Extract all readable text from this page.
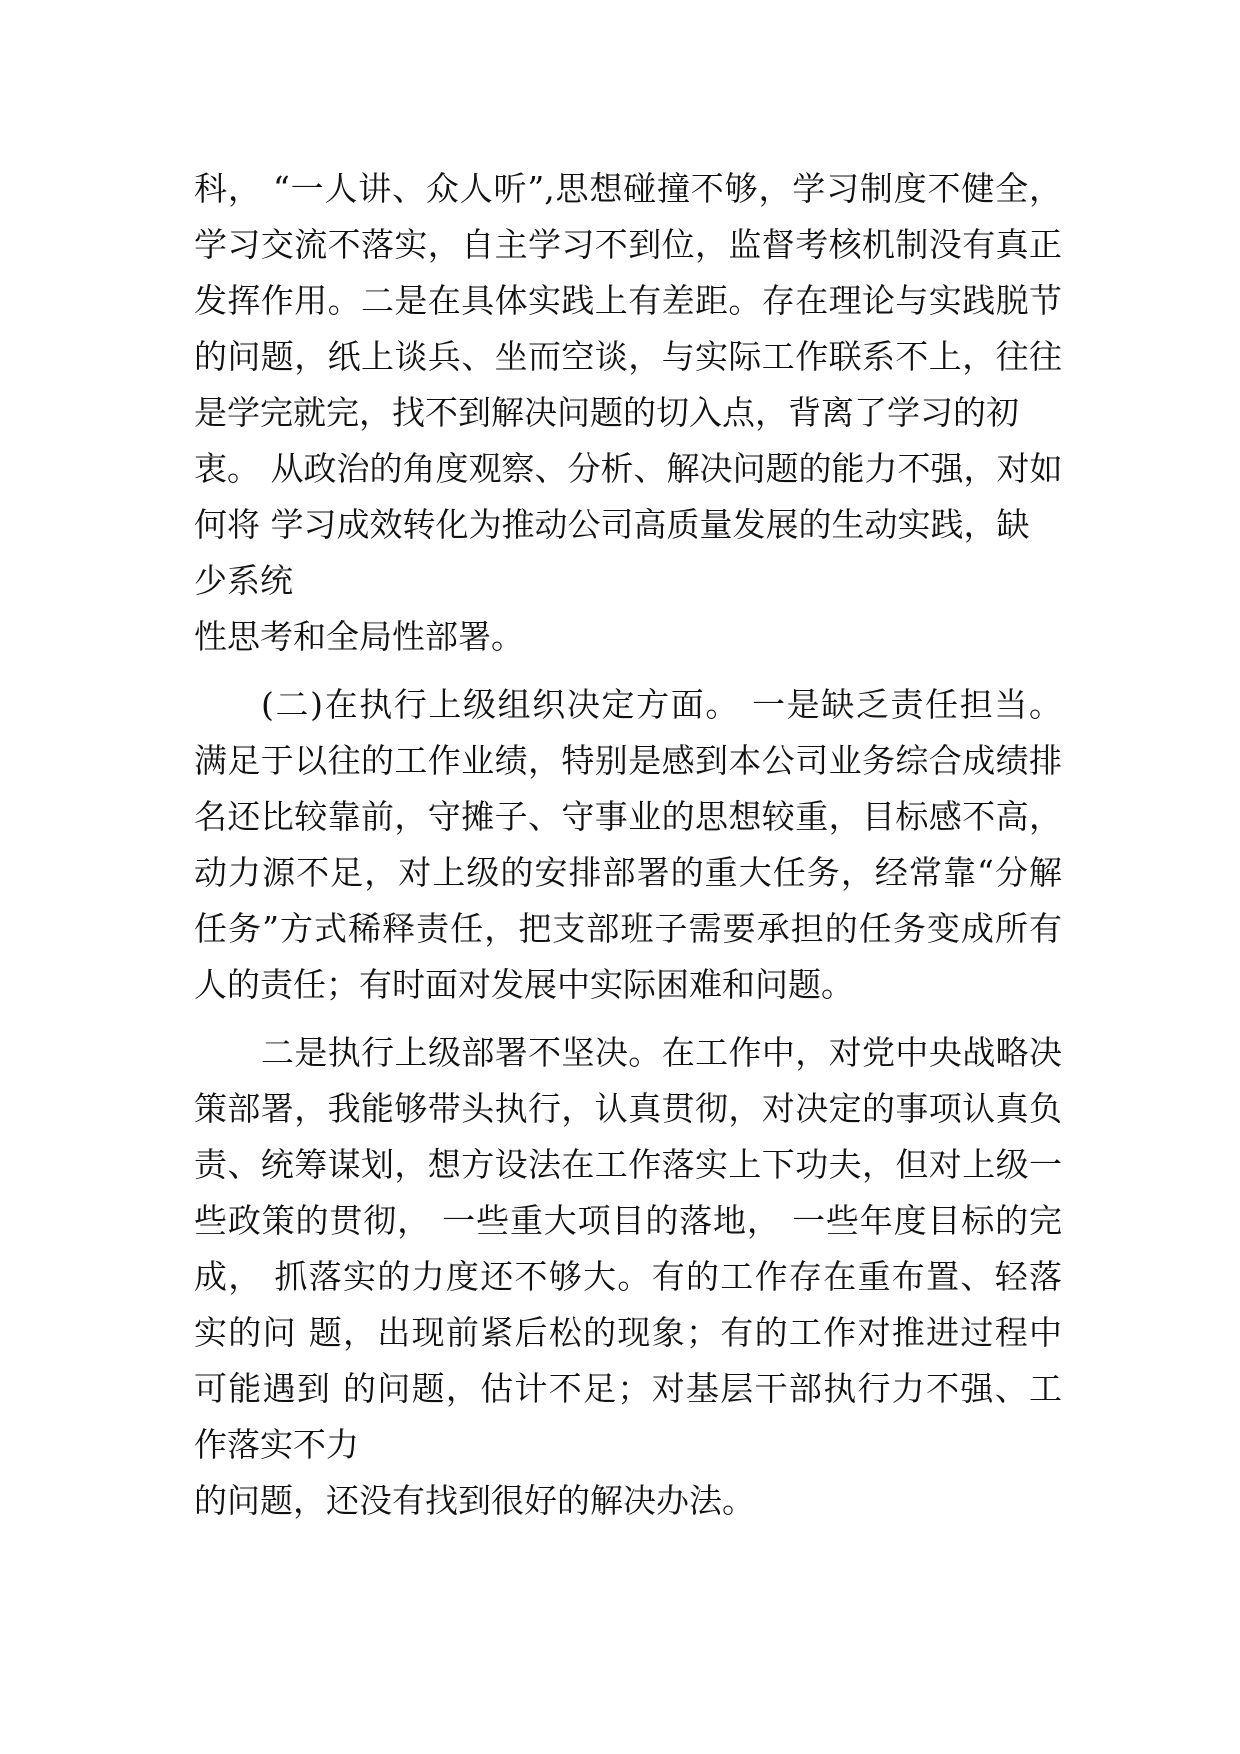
科， “一人讲、众人听”,思想碰撞不够，学习制度不健全，
学习交流不落实，自主学习不到位，监督考核机制没有真正
发挥作用。二是在具体实践上有差距。存在理论与实践脱节
的问题，纸上谈兵、坐而空谈，与实际工作联系不上，往往
是学完就完，找不到解决问题的切入点，背离了学习的初
衷。 从政治的角度观察、分析、解决问题的能力不强，对如
何将 学习成效转化为推动公司高质量发展的生动实践，缺
少系统
性思考和全局性部署。
(二)在执行上级组织决定方面。 一是缺乏责任担当。
满足于以往的工作业绩，特别是感到本公司业务综合成绩排
名还比较靠前，守摊子、守事业的思想较重，目标感不高，
动力源不足，对上级的安排部署的重大任务，经常靠“分解
任务”方式稀释责任，把支部班子需要承担的任务变成所有
人的责任；有时面对发展中实际困难和问题。
二是执行上级部署不坚决。在工作中，对党中央战略决
策部署，我能够带头执行，认真贯彻，对决定的事项认真负
责、统筹谋划，想方设法在工作落实上下功夫，但对上级一
些政策的贯彻， 一些重大项目的落地， 一些年度目标的完
成， 抓落实的力度还不够大。有的工作存在重布置、轻落
实的问 题，出现前紧后松的现象；有的工作对推进过程中
可能遇到 的问题，估计不足；对基层干部执行力不强、工
作落实不力
的问题，还没有找到很好的解决办法。
